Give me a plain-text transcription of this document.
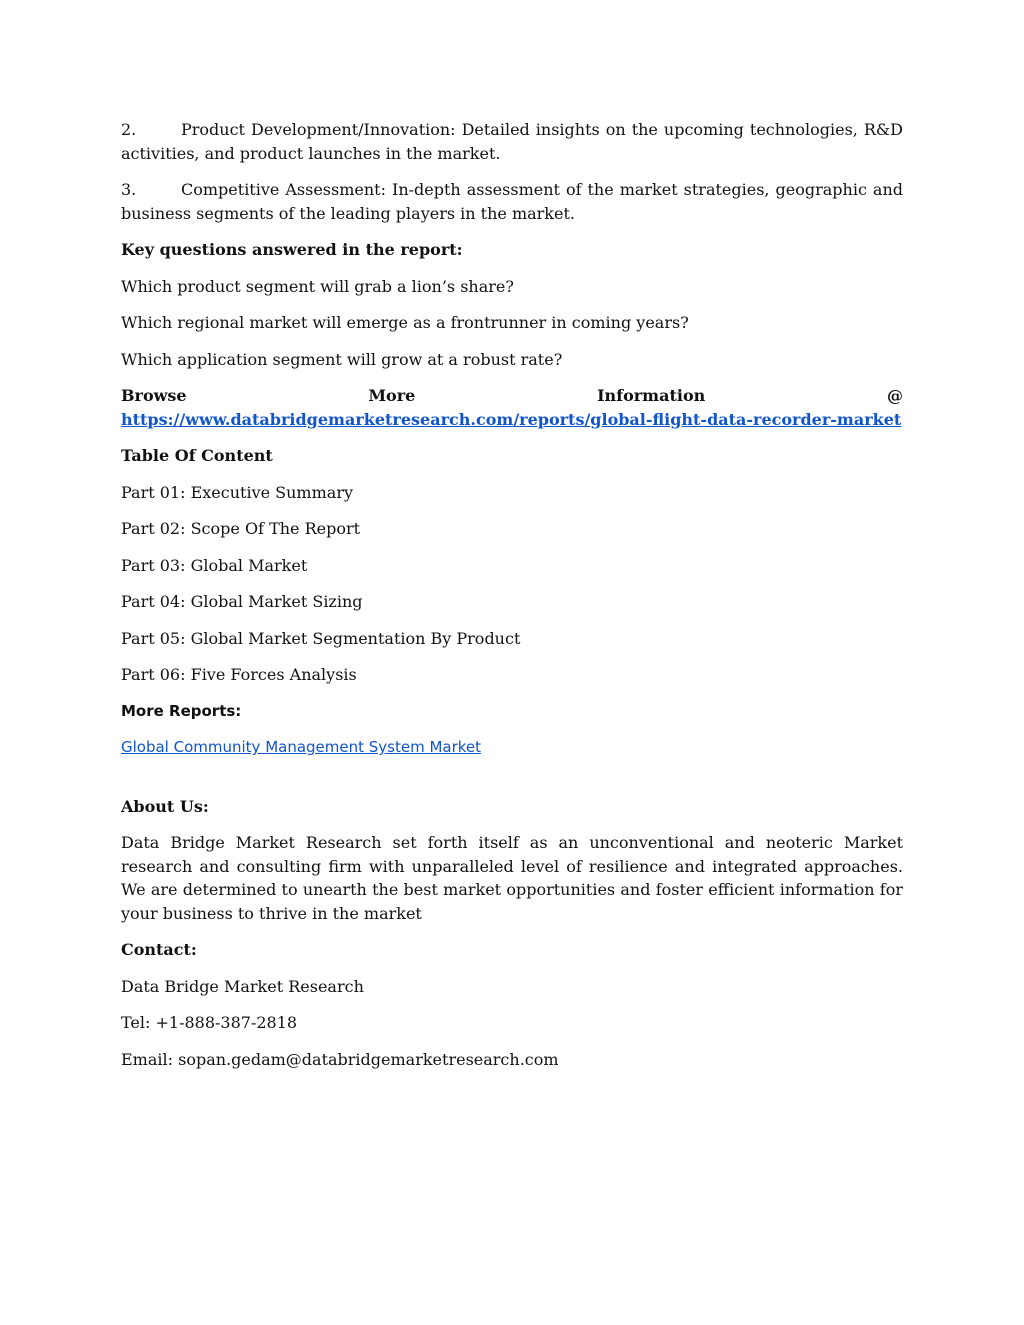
2.	Product Development/Innovation: Detailed insights on the upcoming technologies, R&D activities, and product launches in the market.

3.	Competitive Assessment: In-depth assessment of the market strategies, geographic and business segments of the leading players in the market.

Key questions answered in the report:

Which product segment will grab a lion’s share?

Which regional market will emerge as a frontrunner in coming years?

Which application segment will grow at a robust rate?

Browse More Information @ https://www.databridgemarketresearch.com/reports/global-flight-data-recorder-market

Table Of Content

Part 01: Executive Summary

Part 02: Scope Of The Report

Part 03: Global Market

Part 04: Global Market Sizing

Part 05: Global Market Segmentation By Product

Part 06: Five Forces Analysis

More Reports:

Global Community Management System Market

About Us:

Data Bridge Market Research set forth itself as an unconventional and neoteric Market research and consulting firm with unparalleled level of resilience and integrated approaches. We are determined to unearth the best market opportunities and foster efficient information for your business to thrive in the market

Contact:

Data Bridge Market Research

Tel: +1-888-387-2818

Email: sopan.gedam@databridgemarketresearch.com
